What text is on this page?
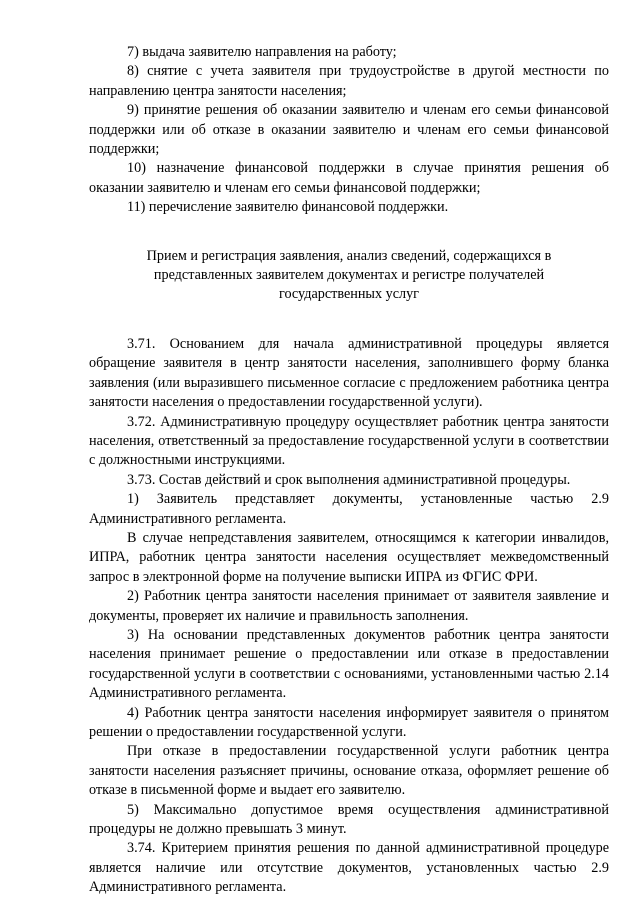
7) выдача заявителю направления на работу;

8) снятие с учета заявителя при трудоустройстве в другой местности по направлению центра занятости населения;

9) принятие решения об оказании заявителю и членам его семьи финансовой поддержки или об отказе в оказании заявителю и членам его семьи финансовой поддержки;

10) назначение финансовой поддержки в случае принятия решения об оказании заявителю и членам его семьи финансовой поддержки;

11) перечисление заявителю финансовой поддержки.

Прием и регистрация заявления, анализ сведений, содержащихся в
представленных заявителем документах и регистре получателей
государственных услуг

3.71. Основанием для начала административной процедуры является обращение заявителя в центр занятости населения, заполнившего форму бланка заявления (или выразившего письменное согласие с предложением работника центра занятости населения о предоставлении государственной услуги).

3.72. Административную процедуру осуществляет работник центра занятости населения, ответственный за предоставление государственной услуги в соответствии с должностными инструкциями.

3.73. Состав действий и срок выполнения административной процедуры.

1) Заявитель представляет документы, установленные частью 2.9 Административного регламента.

В случае непредставления заявителем, относящимся к категории инвалидов, ИПРА, работник центра занятости населения осуществляет межведомственный запрос в электронной форме на получение выписки ИПРА из ФГИС ФРИ.

2) Работник центра занятости населения принимает от заявителя заявление и документы, проверяет их наличие и правильность заполнения.

3) На основании представленных документов работник центра занятости населения принимает решение о предоставлении или отказе в предоставлении государственной услуги в соответствии с основаниями, установленными частью 2.14 Административного регламента.

4) Работник центра занятости населения информирует заявителя о принятом решении о предоставлении государственной услуги.

При отказе в предоставлении государственной услуги работник центра занятости населения разъясняет причины, основание отказа, оформляет решение об отказе в письменной форме и выдает его заявителю.

5) Максимально допустимое время осуществления административной процедуры не должно превышать 3 минут.

3.74. Критерием принятия решения по данной административной процедуре является наличие или отсутствие документов, установленных частью 2.9 Административного регламента.
